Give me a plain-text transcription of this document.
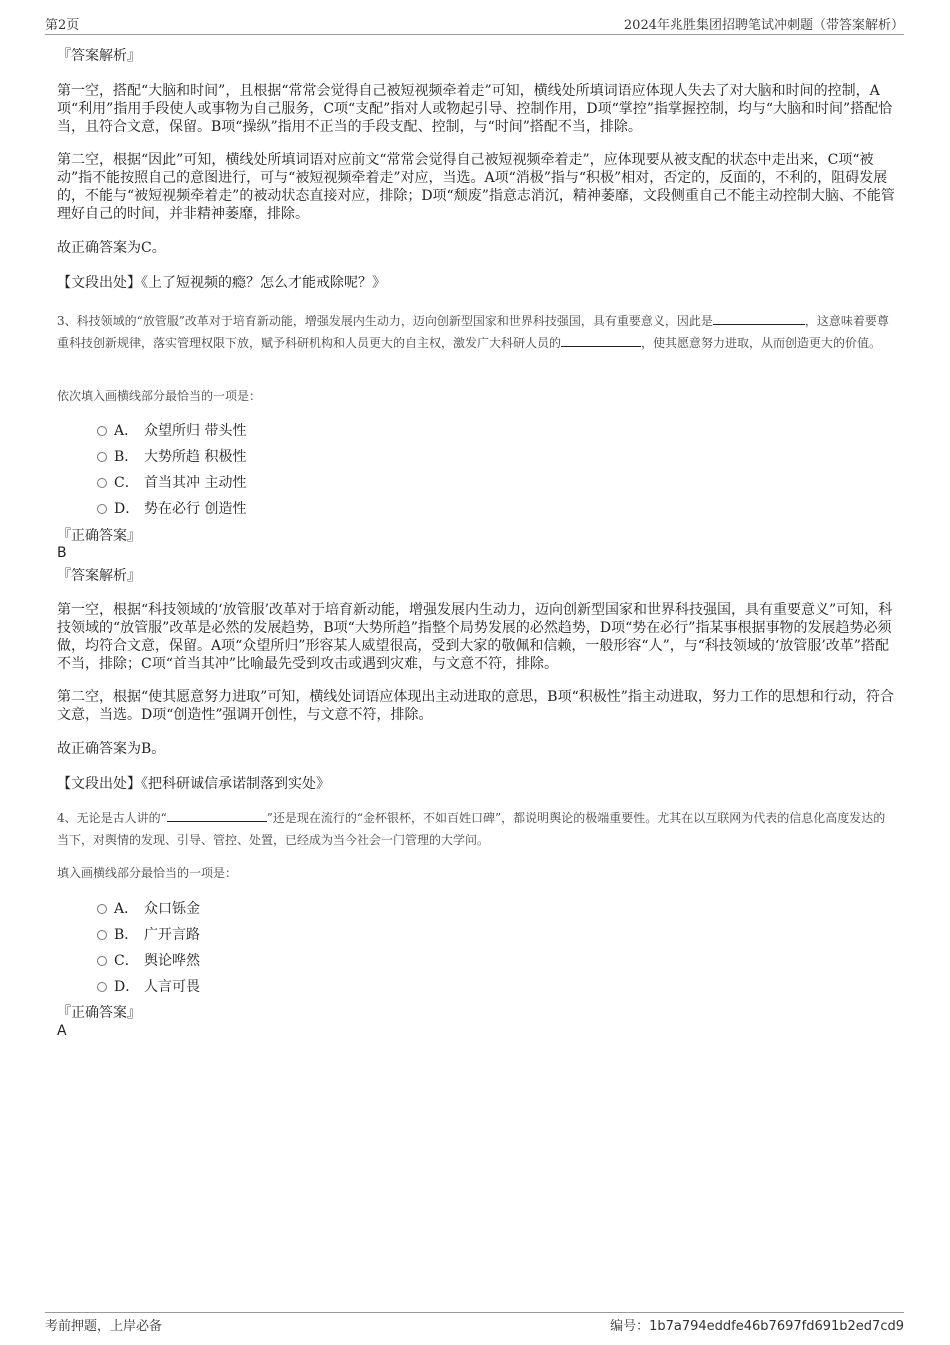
第2页	2024年兆胜集团招聘笔试冲刺题（带答案解析）
『答案解析』

第一空，搭配“大脑和时间”，且根据“常常会觉得自己被短视频牵着走”可知，横线处所填词语应体现人失去了对大脑和时间的控制，A项“利用”指用手段使人或事物为自己服务，C项“支配”指对人或物起引导、控制作用，D项“掌控”指掌握控制，均与“大脑和时间”搭配恰当，且符合文意，保留。B项“操纵”指用不正当的手段支配、控制，与“时间”搭配不当，排除。

第二空，根据“因此”可知，横线处所填词语对应前文“常常会觉得自己被短视频牵着走”，应体现要从被支配的状态中走出来，C项“被动”指不能按照自己的意图进行，可与“被短视频牵着走”对应，当选。A项“消极”指与“积极”相对，否定的，反面的，不利的，阻碍发展的，不能与“被短视频牵着走”的被动状态直接对应，排除；D项“颓废”指意志消沉，精神萎靡，文段侧重自己不能主动控制大脑、不能管理好自己的时间，并非精神萎靡，排除。

故正确答案为C。
【文段出处】《上了短视频的瘾？怎么才能戒除呢？》

3、科技领域的“放管服”改革对于培育新动能，增强发展内生动力，迈向创新型国家和世界科技强国，具有重要意义，因此是	，这意味着要尊重科技创新规律，落实管理权限下放，赋予科研机构和人员更大的自主权，激发广大科研人员的	，使其愿意努力进取，从而创造更大的价值。

依次填入画横线部分最恰当的一项是：
A． 众望所归 带头性
B． 大势所趋 积极性
C． 首当其冲 主动性
D． 势在必行 创造性
『正确答案』
B
『答案解析』

第一空，根据“科技领域的‘放管服’改革对于培育新动能，增强发展内生动力，迈向创新型国家和世界科技强国，具有重要意义”可知，科技领域的“放管服”改革是必然的发展趋势，B项“大势所趋”指整个局势发展的必然趋势，D项“势在必行”指某事根据事物的发展趋势必须做，均符合文意，保留。A项“众望所归”形容某人威望很高，受到大家的敬佩和信赖，一般形容“人”，与“科技领域的‘放管服’改革”搭配不当，排除；C项“首当其冲”比喻最先受到攻击或遇到灾难，与文意不符，排除。

第二空，根据“使其愿意努力进取”可知，横线处词语应体现出主动进取的意思，B项“积极性”指主动进取，努力工作的思想和行动，符合文意，当选。D项“创造性”强调开创性，与文意不符，排除。

故正确答案为B。
【文段出处】《把科研诚信承诺制落到实处》

4、无论是古人讲的“	”还是现在流行的“金杯银杯，不如百姓口碑”，都说明舆论的极端重要性。尤其在以互联网为代表的信息化高度发达的当下，对舆情的发现、引导、管控、处置，已经成为当今社会一门管理的大学问。

填入画横线部分最恰当的一项是：
A． 众口铄金
B． 广开言路
C． 舆论哗然
D． 人言可畏
『正确答案』
A
考前押题，上岸必备	编号：1b7a794eddfe46b7697fd691b2ed7cd9
